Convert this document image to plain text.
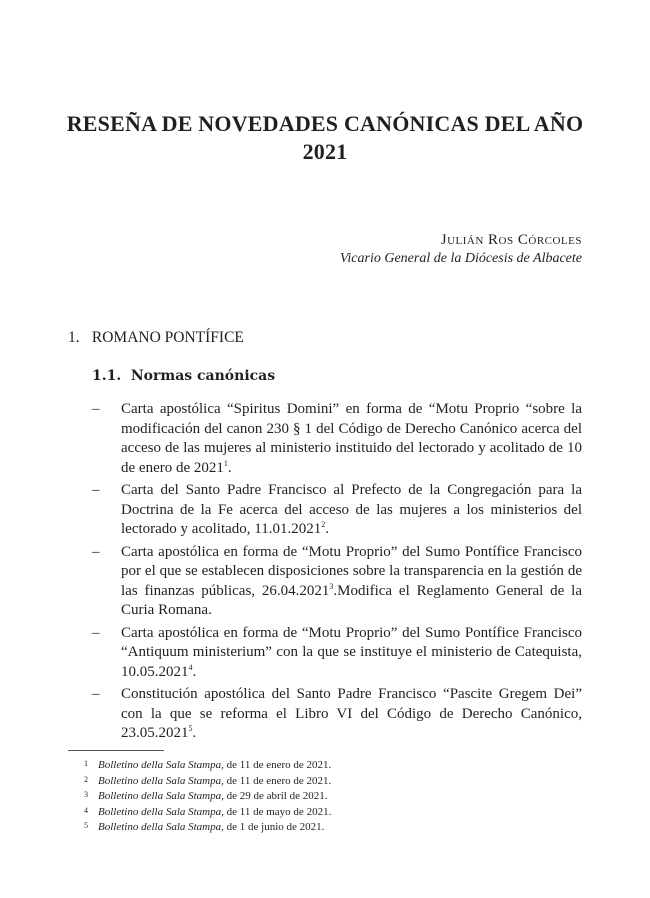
RESEÑA DE NOVEDADES CANÓNICAS DEL AÑO 2021
Julián Ros Córcoles
Vicario General de la Diócesis de Albacete
1. ROMANO PONTÍFICE
1.1. Normas canónicas
– Carta apostólica “Spiritus Domini” en forma de “Motu Proprio “sobre la modificación del canon 230 § 1 del Código de Derecho Canónico acerca del acceso de las mujeres al ministerio instituido del lectorado y acolitado de 10 de enero de 2021$^1$.
– Carta del Santo Padre Francisco al Prefecto de la Congregación para la Doctrina de la Fe acerca del acceso de las mujeres a los ministerios del lectorado y acolitado, 11.01.2021$^2$.
– Carta apostólica en forma de “Motu Proprio” del Sumo Pontífice Francisco por el que se establecen disposiciones sobre la transparencia en la gestión de las finanzas públicas, 26.04.2021$^3$.Modifica el Reglamento General de la Curia Romana.
– Carta apostólica en forma de “Motu Proprio” del Sumo Pontífice Francisco “Antiquum ministerium” con la que se instituye el ministerio de Catequista, 10.05.2021$^4$.
– Constitución apostólica del Santo Padre Francisco “Pascite Gregem Dei” con la que se reforma el Libro VI del Código de Derecho Canónico, 23.05.2021$^5$.
1 Bolletino della Sala Stampa, de 11 de enero de 2021.
2 Bolletino della Sala Stampa, de 11 de enero de 2021.
3 Bolletino della Sala Stampa, de 29 de abril de 2021.
4 Bolletino della Sala Stampa, de 11 de mayo de 2021.
5 Bolletino della Sala Stampa, de 1 de junio de 2021.
